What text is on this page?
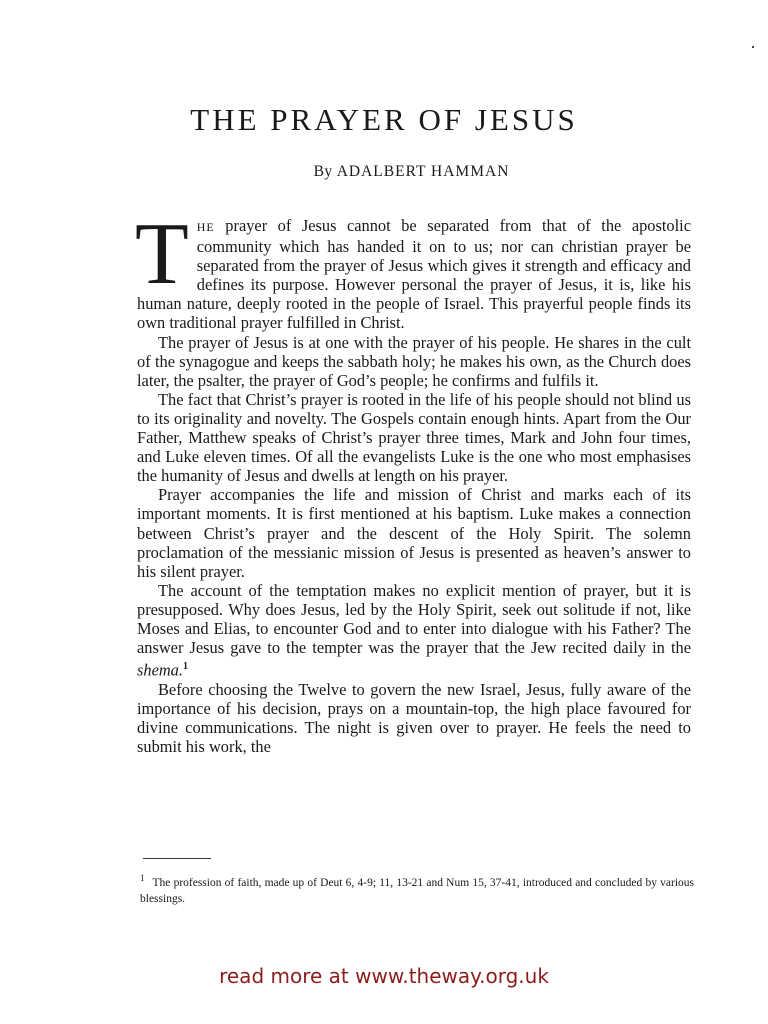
THE PRAYER OF JESUS

By ADALBERT HAMMAN

THE prayer of Jesus cannot be separated from that of the apostolic community which has handed it on to us; nor can christian prayer be separated from the prayer of Jesus which gives it strength and efficacy and defines its purpose. However personal the prayer of Jesus, it is, like his human nature, deeply rooted in the people of Israel. This prayerful people finds its own traditional prayer fulfilled in Christ.

The prayer of Jesus is at one with the prayer of his people. He shares in the cult of the synagogue and keeps the sabbath holy; he makes his own, as the Church does later, the psalter, the prayer of God’s people; he confirms and fulfils it.

The fact that Christ’s prayer is rooted in the life of his people should not blind us to its originality and novelty. The Gospels contain enough hints. Apart from the Our Father, Matthew speaks of Christ’s prayer three times, Mark and John four times, and Luke eleven times. Of all the evangelists Luke is the one who most emphasises the humanity of Jesus and dwells at length on his prayer.

Prayer accompanies the life and mission of Christ and marks each of its important moments. It is first mentioned at his baptism. Luke makes a connection between Christ’s prayer and the descent of the Holy Spirit. The solemn proclamation of the messianic mission of Jesus is presented as heaven’s answer to his silent prayer.

The account of the temptation makes no explicit mention of prayer, but it is presupposed. Why does Jesus, led by the Holy Spirit, seek out solitude if not, like Moses and Elias, to encounter God and to enter into dialogue with his Father? The answer Jesus gave to the tempter was the prayer that the Jew recited daily in the shema.$^1$

Before choosing the Twelve to govern the new Israel, Jesus, fully aware of the importance of his decision, prays on a mountain-top, the high place favoured for divine communications. The night is given over to prayer. He feels the need to submit his work, the

$^1$ The profession of faith, made up of Deut 6, 4-9; 11, 13-21 and Num 15, 37-41, introduced and concluded by various blessings.

read more at www.theway.org.uk
